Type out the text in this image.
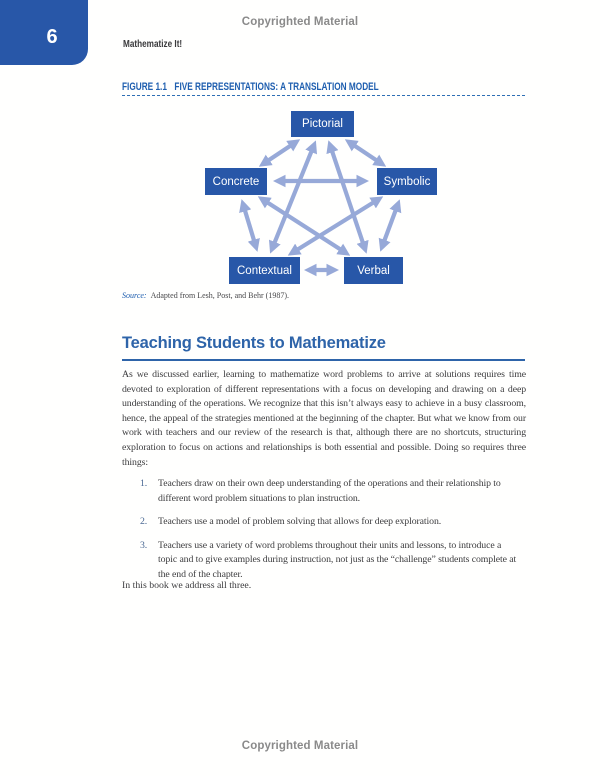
Copyrighted Material
6	Mathematize It!
FIGURE 1.1 FIVE REPRESENTATIONS: A TRANSLATION MODEL
Pictorial
Concrete	Symbolic
Contextual	Verbal
Source: Adapted from Lesh, Post, and Behr (1987).
Teaching Students to Mathematize

As we discussed earlier, learning to mathematize word problems to arrive at solutions requires time devoted to exploration of different representations with a focus on developing and drawing on a deep understanding of the operations. We recognize that this isn’t always easy to achieve in a busy classroom, hence, the appeal of the strategies mentioned at the beginning of the chapter. But what we know from our work with teachers and our review of the research is that, although there are no shortcuts, structuring exploration to focus on actions and relationships is both essential and possible. Doing so requires three things:

1.	Teachers draw on their own deep understanding of the operations and their relationship to different word problem situations to plan instruction.
2.	Teachers use a model of problem solving that allows for deep exploration.
3.	Teachers use a variety of word problems throughout their units and lessons, to introduce a topic and to give examples during instruction, not just as the “challenge” students complete at the end of the chapter.

In this book we address all three.

Copyrighted Material
